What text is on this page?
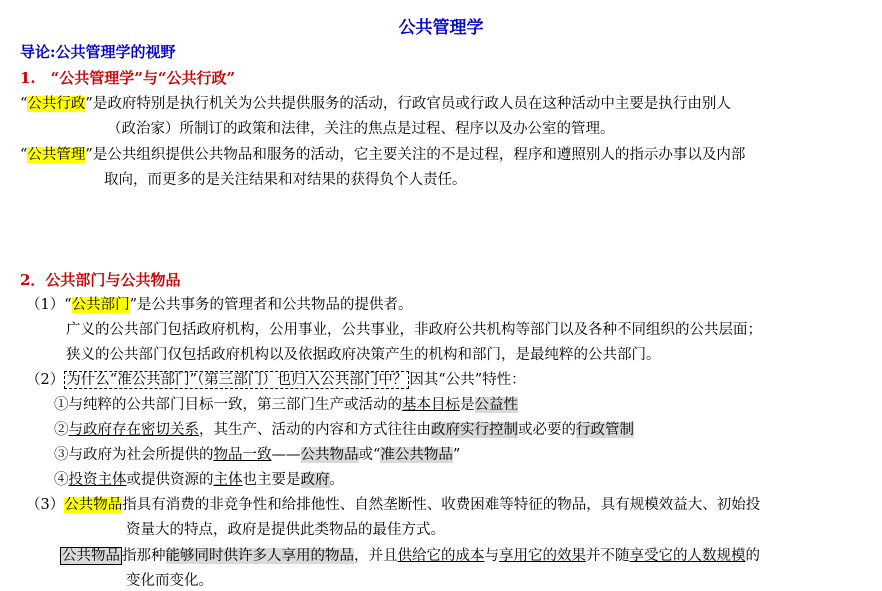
公共管理学
导论:公共管理学的视野
1.　“公共管理学”与“公共行政”
“公共行政”是政府特别是执行机关为公共提供服务的活动，行政官员或行政人员在这种活动中主要是执行由别人
（政治家）所制订的政策和法律，关注的焦点是过程、程序以及办公室的管理。
“公共管理”是公共组织提供公共物品和服务的活动，它主要关注的不是过程，程序和遵照别人的指示办事以及内部
取向，而更多的是关注结果和对结果的获得负个人责任。
2．公共部门与公共物品
（1）“公共部门”是公共事务的管理者和公共物品的提供者。
广义的公共部门包括政府机构，公用事业，公共事业，非政府公共机构等部门以及各种不同组织的公共层面；
狭义的公共部门仅包括政府机构以及依据政府决策产生的机构和部门，是最纯粹的公共部门。
（2） 为什么“准公共部门”（第三部门）也归入公共部门中？ 因其“公共”特性：
①与纯粹的公共部门目标一致，第三部门生产或活动的基本目标是公益性
②与政府存在密切关系，其生产、活动的内容和方式往往由政府实行控制或必要的行政管制
③与政府为社会所提供的物品一致——公共物品或“准公共物品”
④投资主体或提供资源的主体也主要是政府。
（3）公共物品指具有消费的非竞争性和给排他性、自然垄断性、收费困难等特征的物品，具有规模效益大、初始投
资量大的特点，政府是提供此类物品的最佳方式。
公共物品 指那种能够同时供许多人享用的物品，并且供给它的成本与享用它的效果并不随享受它的人数规模的
变化而变化。
